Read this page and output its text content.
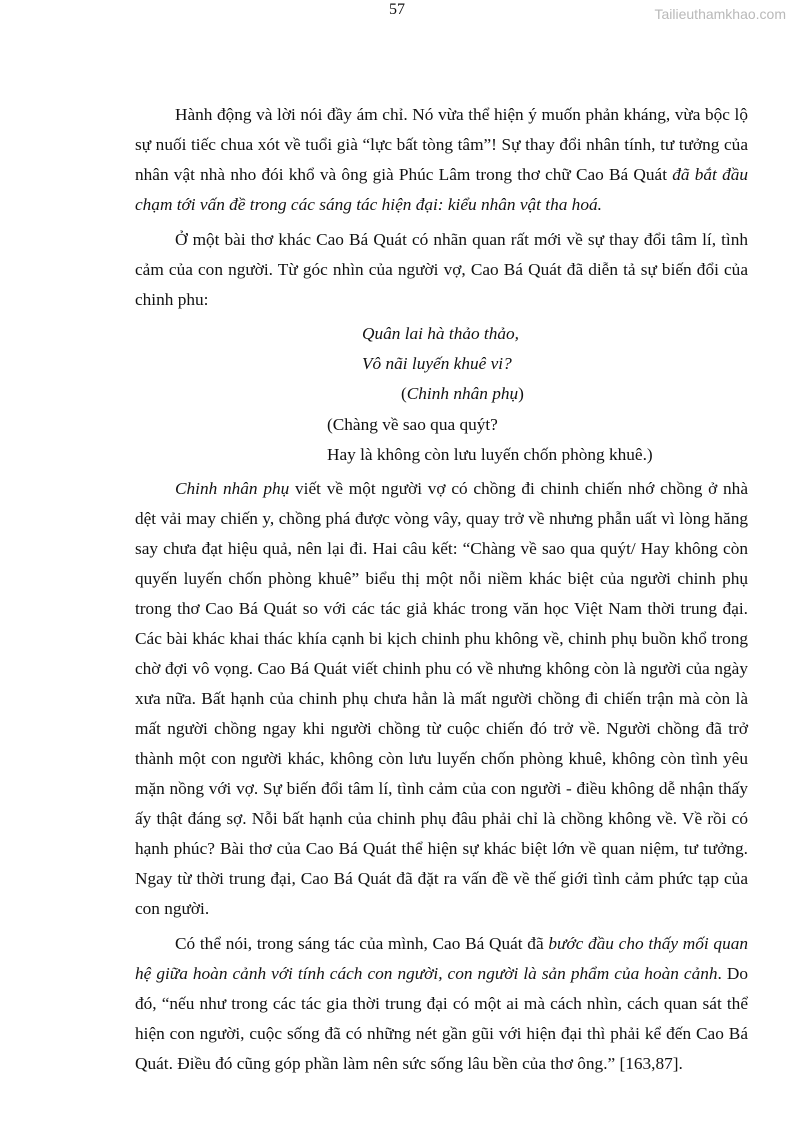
57	Tailieuthamkhao.com

Hành động và lời nói đầy ám chỉ. Nó vừa thể hiện ý muốn phản kháng, vừa bộc lộ
sự nuối tiếc chua xót về tuổi già “lực bất tòng tâm”! Sự thay đổi nhân tính, tư tưởng của
nhân vật nhà nho đói khổ và ông già Phúc Lâm trong thơ chữ Cao Bá Quát đã bắt đầu
chạm tới vấn đề trong các sáng tác hiện đại: kiểu nhân vật tha hoá.

Ở một bài thơ khác Cao Bá Quát có nhãn quan rất mới về sự thay đổi tâm lí, tình
cảm của con người. Từ góc nhìn của người vợ, Cao Bá Quát đã diễn tả sự biến đổi của
chinh phu:

Quân lai hà thảo thảo,
Vô nãi luyến khuê vi?
(Chinh nhân phụ)
(Chàng về sao qua quýt?
Hay là không còn lưu luyến chốn phòng khuê.)

Chinh nhân phụ viết về một người vợ có chồng đi chinh chiến nhớ chồng ở nhà
dệt vải may chiến y, chồng phá được vòng vây, quay trở về nhưng phẫn uất vì lòng hăng
say chưa đạt hiệu quả, nên lại đi. Hai câu kết: “Chàng về sao qua quýt/ Hay không còn
quyến luyến chốn phòng khuê” biểu thị một nỗi niềm khác biệt của người chinh phụ
trong thơ Cao Bá Quát so với các tác giả khác trong văn học Việt Nam thời trung đại.
Các bài khác khai thác khía cạnh bi kịch chinh phu không về, chinh phụ buồn khổ trong
chờ đợi vô vọng. Cao Bá Quát viết chinh phu có về nhưng không còn là người của ngày
xưa nữa. Bất hạnh của chinh phụ chưa hẳn là mất người chồng đi chiến trận mà còn là
mất người chồng ngay khi người chồng từ cuộc chiến đó trở về. Người chồng đã trở
thành một con người khác, không còn lưu luyến chốn phòng khuê, không còn tình yêu
mặn nồng với vợ. Sự biến đổi tâm lí, tình cảm của con người - điều không dễ nhận thấy
ấy thật đáng sợ. Nỗi bất hạnh của chinh phụ đâu phải chỉ là chồng không về. Về rồi có
hạnh phúc? Bài thơ của Cao Bá Quát thể hiện sự khác biệt lớn về quan niệm, tư tưởng.
Ngay từ thời trung đại, Cao Bá Quát đã đặt ra vấn đề về thế giới tình cảm phức tạp của
con người.

Có thể nói, trong sáng tác của mình, Cao Bá Quát đã bước đầu cho thấy mối quan
hệ giữa hoàn cảnh với tính cách con người, con người là sản phẩm của hoàn cảnh. Do
đó, “nếu như trong các tác gia thời trung đại có một ai mà cách nhìn, cách quan sát thể
hiện con người, cuộc sống đã có những nét gần gũi với hiện đại thì phải kể đến Cao Bá
Quát. Điều đó cũng góp phần làm nên sức sống lâu bền của thơ ông.” [163,87].
